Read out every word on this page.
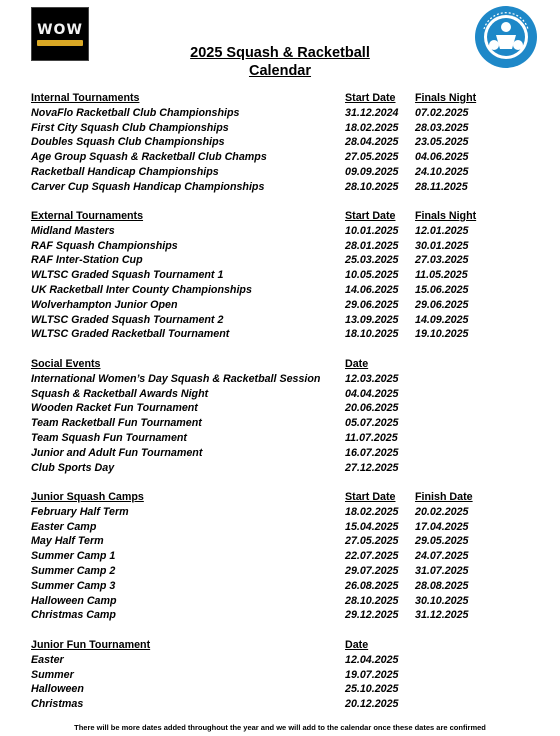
WOW
2025 Squash & Racketball
Calendar
Internal Tournaments	Start Date Finals Night
NovaFlo Racketball Club Championships	31.12.2024 07.02.2025
First City Squash Club Championships	18.02.2025 28.03.2025
Doubles Squash Club Championships	28.04.2025 23.05.2025
Age Group Squash & Racketball Club Champs	27.05.2025 04.06.2025
Racketball Handicap Championships	09.09.2025 24.10.2025
Carver Cup Squash Handicap Championships	28.10.2025 28.11.2025
External Tournaments	Start Date Finals Night
Midland Masters	10.01.2025 12.01.2025
RAF Squash Championships	28.01.2025 30.01.2025
RAF Inter-Station Cup	25.03.2025 27.03.2025
WLTSC Graded Squash Tournament 1	10.05.2025 11.05.2025
UK Racketball Inter County Championships	14.06.2025 15.06.2025
Wolverhampton Junior Open	29.06.2025 29.06.2025
WLTSC Graded Squash Tournament 2	13.09.2025 14.09.2025
WLTSC Graded Racketball Tournament	18.10.2025 19.10.2025
Social Events	Date
International Women’s Day Squash & Racketball Session 12.03.2025
Squash & Racketball Awards Night	04.04.2025
Wooden Racket Fun Tournament	20.06.2025
Team Racketball Fun Tournament	05.07.2025
Team Squash Fun Tournament	11.07.2025
Junior and Adult Fun Tournament	16.07.2025
Club Sports Day	27.12.2025
Junior Squash Camps	Start Date Finish Date
February Half Term	18.02.2025 20.02.2025
Easter Camp	15.04.2025 17.04.2025
May Half Term	27.05.2025 29.05.2025
Summer Camp 1	22.07.2025 24.07.2025
Summer Camp 2	29.07.2025 31.07.2025
Summer Camp 3	26.08.2025 28.08.2025
Halloween Camp	28.10.2025 30.10.2025
Christmas Camp	29.12.2025 31.12.2025
Junior Fun Tournament	Date
Easter	12.04.2025
Summer	19.07.2025
Halloween	25.10.2025
Christmas	20.12.2025
There will be more dates added throughout the year and we will add to the calendar once these dates are confirmed
